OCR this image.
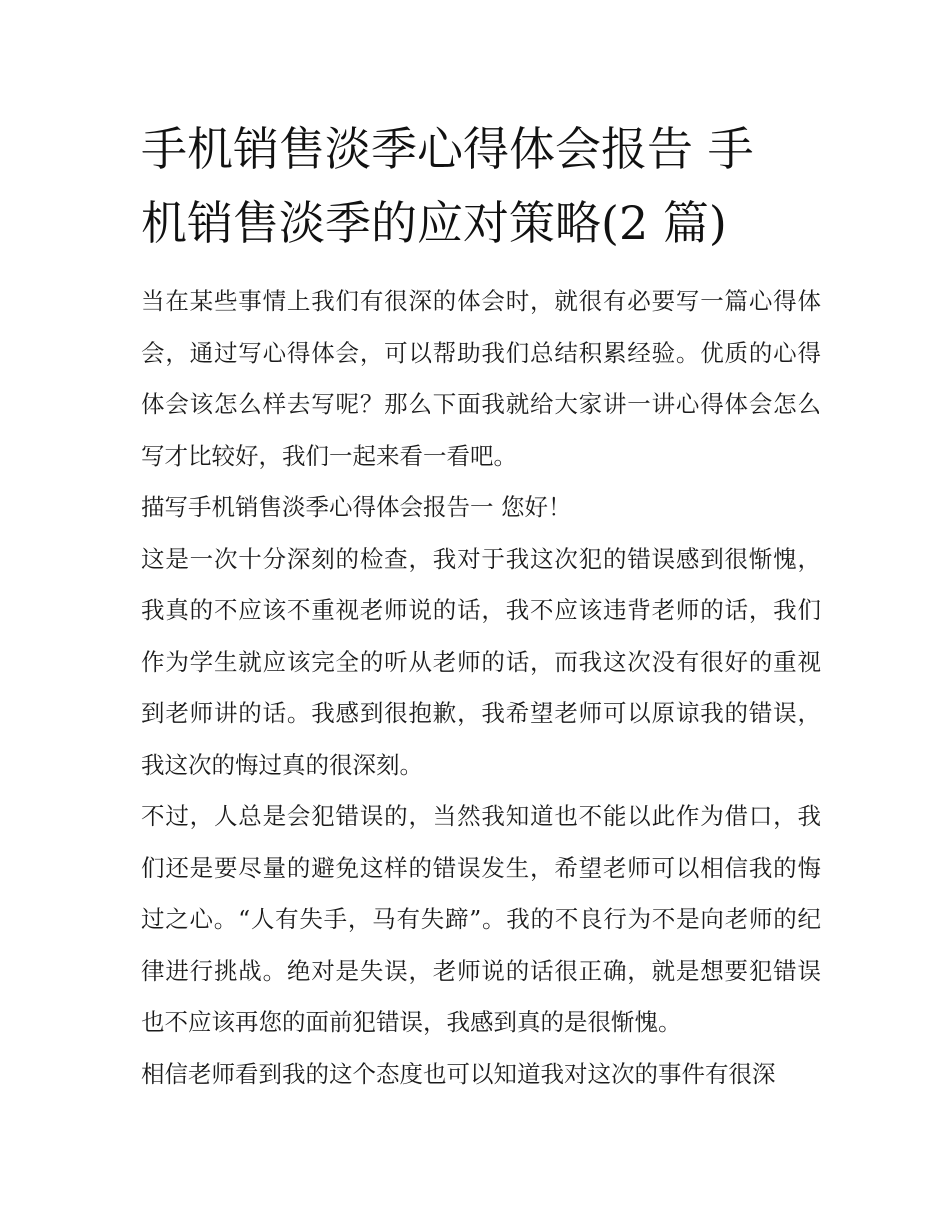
手机销售淡季心得体会报告 手
机销售淡季的应对策略(2 篇)

当在某些事情上我们有很深的体会时，就很有必要写一篇心得体会，通过写心得体会，可以帮助我们总结积累经验。优质的心得体会该怎么样去写呢？那么下面我就给大家讲一讲心得体会怎么写才比较好，我们一起来看一看吧。

描写手机销售淡季心得体会报告一 您好！

这是一次十分深刻的检查，我对于我这次犯的错误感到很惭愧，我真的不应该不重视老师说的话，我不应该违背老师的话，我们作为学生就应该完全的听从老师的话，而我这次没有很好的重视到老师讲的话。我感到很抱歉，我希望老师可以原谅我的错误，我这次的悔过真的很深刻。

不过，人总是会犯错误的，当然我知道也不能以此作为借口，我们还是要尽量的避免这样的错误发生，希望老师可以相信我的悔过之心。“人有失手，马有失蹄”。我的不良行为不是向老师的纪律进行挑战。绝对是失误，老师说的话很正确，就是想要犯错误也不应该再您的面前犯错误，我感到真的是很惭愧。

相信老师看到我的这个态度也可以知道我对这次的事件有很深
